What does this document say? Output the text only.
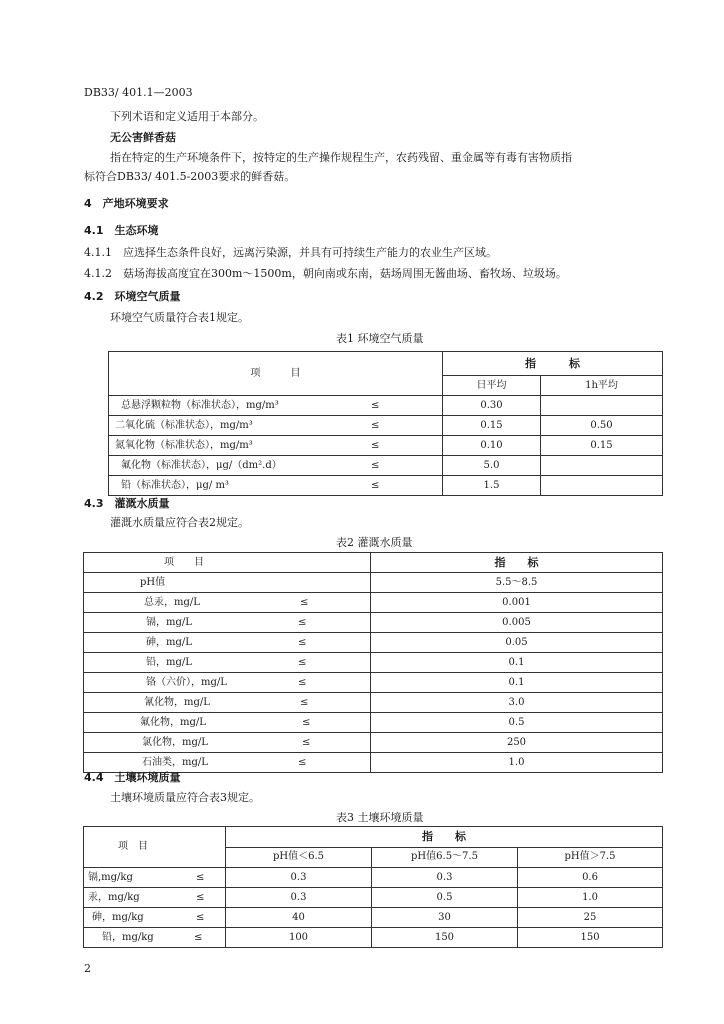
DB33/ 401.1—2003
下列术语和定义适用于本部分。
无公害鲜香菇
指在特定的生产环境条件下，按特定的生产操作规程生产，农药残留、重金属等有毒有害物质指
标符合DB33/ 401.5-2003要求的鲜香菇。
4　产地环境要求
4.1　生态环境
4.1.1　应选择生态条件良好，远离污染源，并具有可持续生产能力的农业生产区域。
4.1.2　菇场海拔高度宜在300m～1500m，朝向南或东南，菇场周围无酱曲场、畜牧场、垃圾场。
4.2　环境空气质量
环境空气质量符合表1规定。
表1 环境空气质量
项　　　目	指　　　标	
	日平均	1h平均
总悬浮颗粒物（标准状态），mg/m³ ≤	0.30	
二氧化硫（标准状态），mg/m³ ≤	0.15	0.50
氮氧化物（标准状态），mg/m³ ≤	0.10	0.15
氟化物（标准状态），μg/（dm².d） ≤	5.0	
铅（标准状态），μg/ m³ ≤	1.5	
4.3　灌溉水质量
灌溉水质量应符合表2规定。
表2 灌溉水质量
项　　目	指　　标
pH值	5.5～8.5
总汞，mg/L ≤	0.001
镉，mg/L ≤	0.005
砷，mg/L ≤	0.05
铅，mg/L ≤	0.1
铬（六价），mg/L ≤	0.1
氰化物，mg/L ≤	3.0
氟化物，mg/L ≤	0.5
氯化物，mg/L ≤	250
石油类，mg/L ≤	1.0
4.4　土壤环境质量
土壤环境质量应符合表3规定。
表3 土壤环境质量
项　目	指　　标		
	pH值＜6.5	pH值6.5～7.5	pH值＞7.5
镉,mg/kg ≤	0.3	0.3	0.6
汞，mg/kg ≤	0.3	0.5	1.0
砷，mg/kg ≤	40	30	25
铅，mg/kg ≤	100	150	150
2
